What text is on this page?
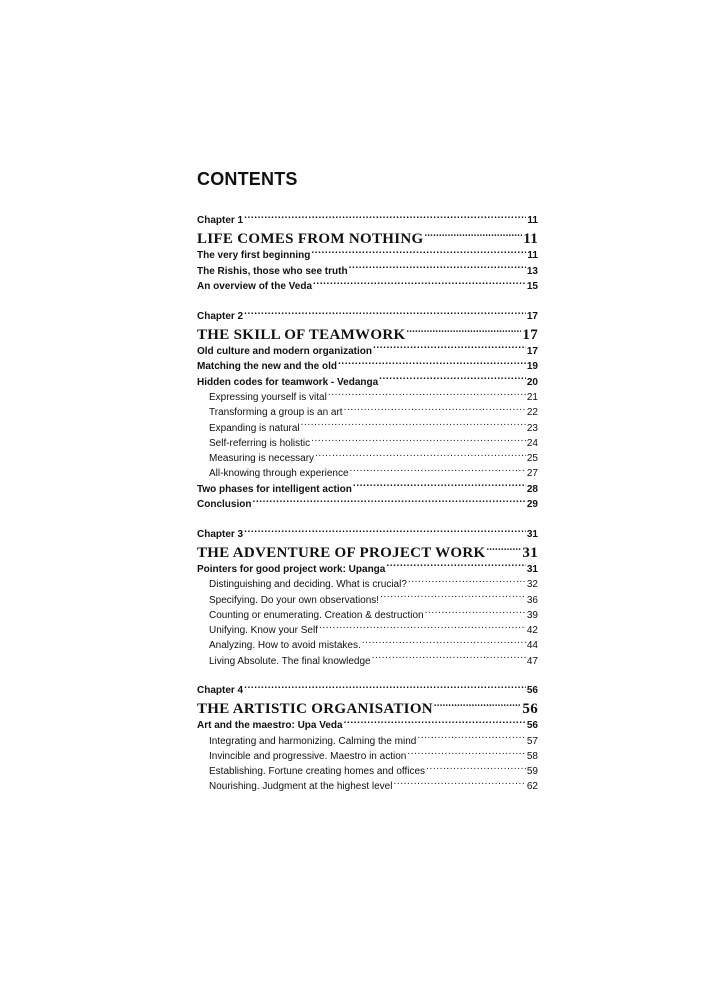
CONTENTS
Chapter 1 .....	11
LIFE COMES FROM NOTHING .....	11
The very first beginning .....	11
The Rishis, those who see truth .....	13
An overview of the Veda .....	15
Chapter 2 .....	17
THE SKILL OF TEAMWORK .....	17
Old culture and modern organization .....	17
Matching the new and the old .....	19
Hidden codes for teamwork - Vedanga .....	20
Expressing yourself is vital .....	21
Transforming a group is an art .....	22
Expanding is natural .....	23
Self-referring is holistic .....	24
Measuring is necessary .....	25
All-knowing through experience .....	27
Two phases for intelligent action .....	28
Conclusion .....	29
Chapter 3 .....	31
THE ADVENTURE OF PROJECT WORK ..... 31
Pointers for good project work: Upanga .....	31
Distinguishing and deciding. What is crucial? .....	32
Specifying. Do your own observations! .....	36
Counting or enumerating. Creation & destruction .....	39
Unifying. Know your Self .....	42
Analyzing. How to avoid mistakes. .....	44
Living Absolute. The final knowledge .....	47
Chapter 4 .....	56
THE ARTISTIC ORGANISATION .....	56
Art and the maestro: Upa Veda .....	56
Integrating and harmonizing. Calming the mind .....	57
Invincible and progressive. Maestro in action .....	58
Establishing. Fortune creating homes and offices .....	59
Nourishing. Judgment at the highest level .....	62
